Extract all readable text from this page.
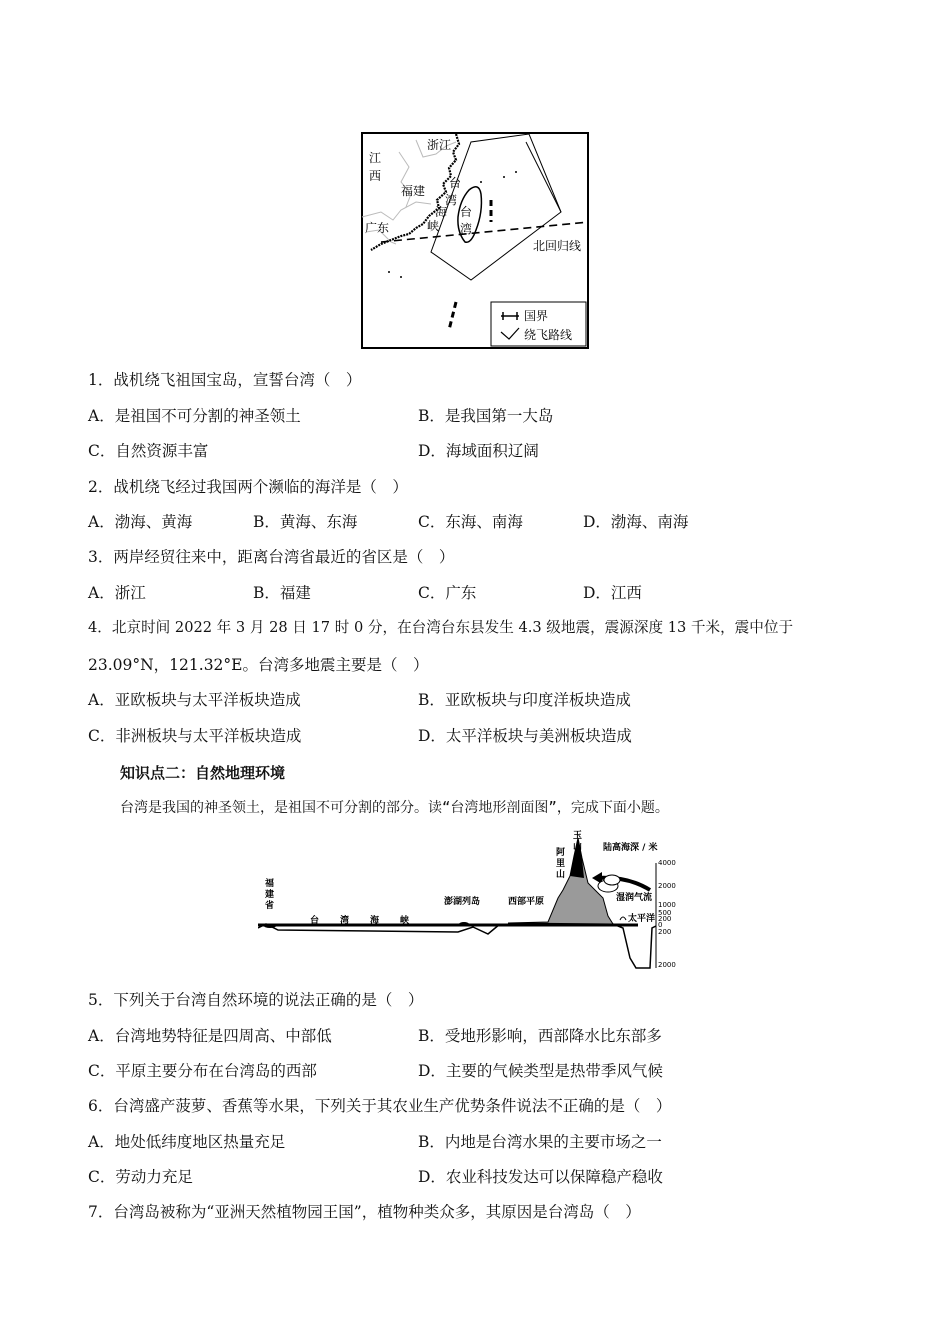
浙江
江
西
福建
台
湾
海
峡
台
湾
广东
北回归线
国界
绕飞路线
1．战机绕飞祖国宝岛，宣誓台湾（　）
A．是祖国不可分割的神圣领土	B．是我国第一大岛
C．自然资源丰富	D．海域面积辽阔
2．战机绕飞经过我国两个濒临的海洋是（　）
A．渤海、黄海	B．黄海、东海	C．东海、南海	D．渤海、南海
3．两岸经贸往来中，距离台湾省最近的省区是（　）
A．浙江	B．福建	C．广东	D．江西
4．北京时间 2022 年 3 月 28 日 17 时 0 分，在台湾台东县发生 4.3 级地震，震源深度 13 千米，震中位于
23.09°N，121.32°E。台湾多地震主要是（　）
A．亚欧板块与太平洋板块造成	B．亚欧板块与印度洋板块造成
C．非洲板块与太平洋板块造成	D．太平洋板块与美洲板块造成
知识点二：自然地理环境
台湾是我国的神圣领土，是祖国不可分割的部分。读“台湾地形剖面图”，完成下面小题。
4000
2000
1000
500
200
0
200
2000
福
建
省
台 湾 海 峡
澎湖列岛	西部平原
阿
里
山
玉
山 陆高海深 / 米
湿润气流
太平洋
5．下列关于台湾自然环境的说法正确的是（　）
A．台湾地势特征是四周高、中部低	B．受地形影响，西部降水比东部多
C．平原主要分布在台湾岛的西部	D．主要的气候类型是热带季风气候
6．台湾盛产菠萝、香蕉等水果，下列关于其农业生产优势条件说法不正确的是（　）
A．地处低纬度地区热量充足	B．内地是台湾水果的主要市场之一
C．劳动力充足	D．农业科技发达可以保障稳产稳收
7．台湾岛被称为“亚洲天然植物园王国”，植物种类众多，其原因是台湾岛（　）
